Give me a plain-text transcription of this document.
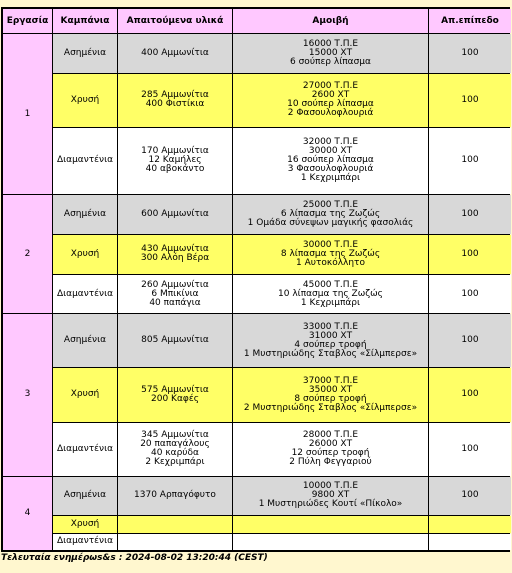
Εργασία	Καμπάνια	Απαιτούμενα υλικά	Αμοιβή	Απ.επίπεδο
1	Ασημένια	400 Αμμωνίτια	16000 Τ.Π.Ε
15000 ΧΤ
6 σούπερ λίπασμα	100
	Χρυσή	285 Αμμωνίτια
400 Φιστίκια	27000 Τ.Π.Ε
2600 ΧΤ
10 σούπερ λίπασμα
2 Φασουλοφλουριά	100
	Διαμαντένια	170 Αμμωνίτια
12 Καμήλες
40 αβοκάντο	32000 Τ.Π.Ε
30000 ΧΤ
16 σούπερ λίπασμα
3 Φασουλοφλουριά
1 Κεχριμπάρι	100
2	Ασημένια	600 Αμμωνίτια	25000 Τ.Π.Ε
6 λίπασμα της Ζωζώς
1 Ομάδα σύνεψων μαγικής φασολιάς	100
	Χρυσή	430 Αμμωνίτια
300 Αλόη Βέρα	30000 Τ.Π.Ε
8 λίπασμα της Ζωζώς
1 Αυτοκόλλητο	100
	Διαμαντένια	260 Αμμωνίτια
6 Μπικίνια
40 παπάγια	45000 Τ.Π.Ε
10 λίπασμα της Ζωζώς
1 Κεχριμπάρι	100
3	Ασημένια	805 Αμμωνίτια	33000 Τ.Π.Ε
31000 ΧΤ
4 σούπερ τροφή
1 Μυστηριώδης Σταβλος «Σίλμπερσε»	100
	Χρυσή	575 Αμμωνίτια
200 Καφές	37000 Τ.Π.Ε
35000 ΧΤ
8 σούπερ τροφή
2 Μυστηριώδης Σταβλος «Σίλμπερσε»	100
	Διαμαντένια	345 Αμμωνίτια
20 παπαγάλους
40 καρύδα
2 Κεχριμπάρι	28000 Τ.Π.Ε
26000 ΧΤ
12 σούπερ τροφή
2 Πύλη Φεγγαριού	100
4	Ασημένια	1370 Αρπαγόφυτο	10000 Τ.Π.Ε
9800 ΧΤ
1 Μυστηριώδες Κουτί «Πίκολο»	100
	Χρυσή			
	Διαμαντένια			
Τελευταία ενημέρωs&s : 2024-08-02 13:20:44 (CEST)
